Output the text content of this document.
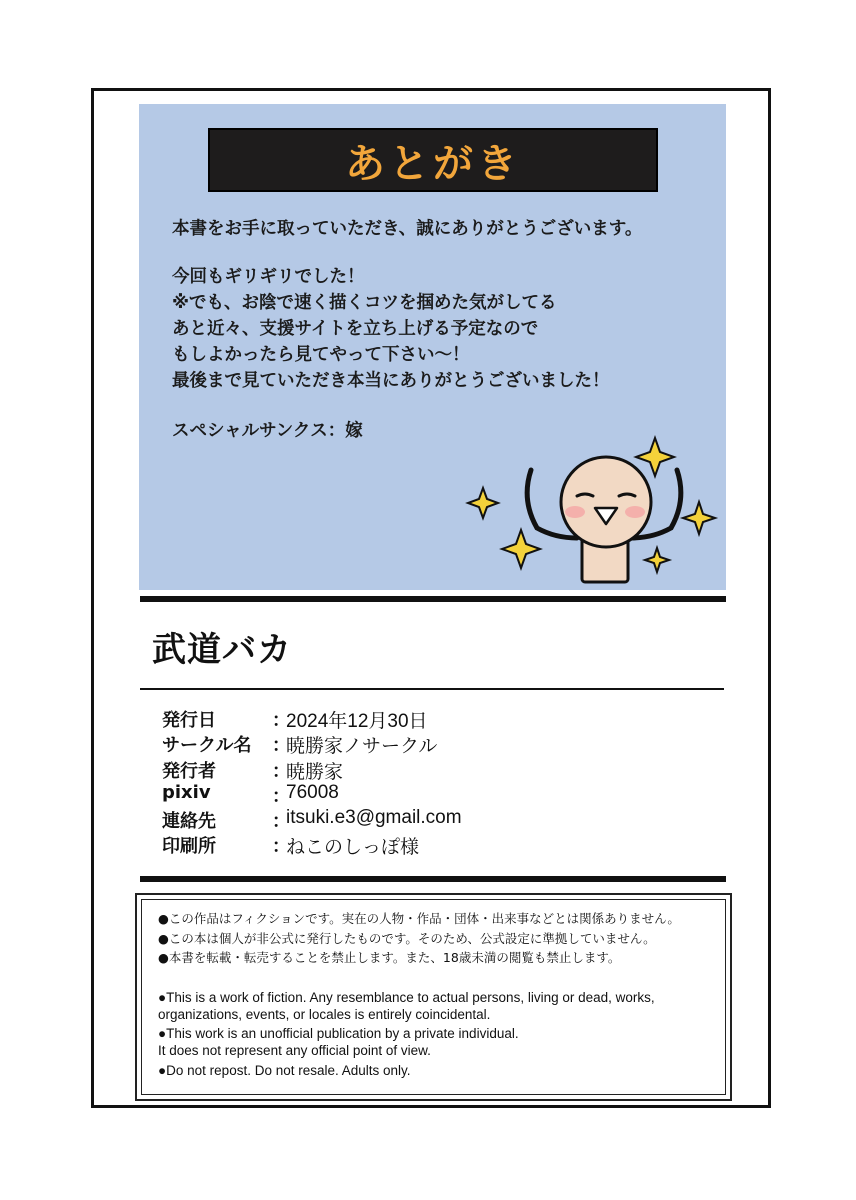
あとがき
本書をお手に取っていただき、誠にありがとうございます。
今回もギリギリでした！
※でも、お陰で速く描くコツを掴めた気がしてる
あと近々、支援サイトを立ち上げる予定なので
もしよかったら見てやって下さい〜！
最後まで見ていただき本当にありがとうございました！
スペシャルサンクス：嫁
武道バカ
発行日	：
2024年12月30日
サークル名 ：
暁勝家ノサークル
発行者	：
暁勝家
pixiv	：
76008
連絡先	：
itsuki.e3@gmail.com
印刷所	：
ねこのしっぽ様
●この作品はフィクションです。実在の人物・作品・団体・出来事などとは関係ありません。
●この本は個人が非公式に発行したものです。そのため、公式設定に準拠していません。
●本書を転載・転売することを禁止します。また、18歳未満の閲覧も禁止します。
●This is a work of fiction. Any resemblance to actual persons, living or dead, works,
organizations, events, or locales is entirely coincidental.
●This work is an unofficial publication by a private individual.
It does not represent any official point of view.
●Do not repost. Do not resale. Adults only.
